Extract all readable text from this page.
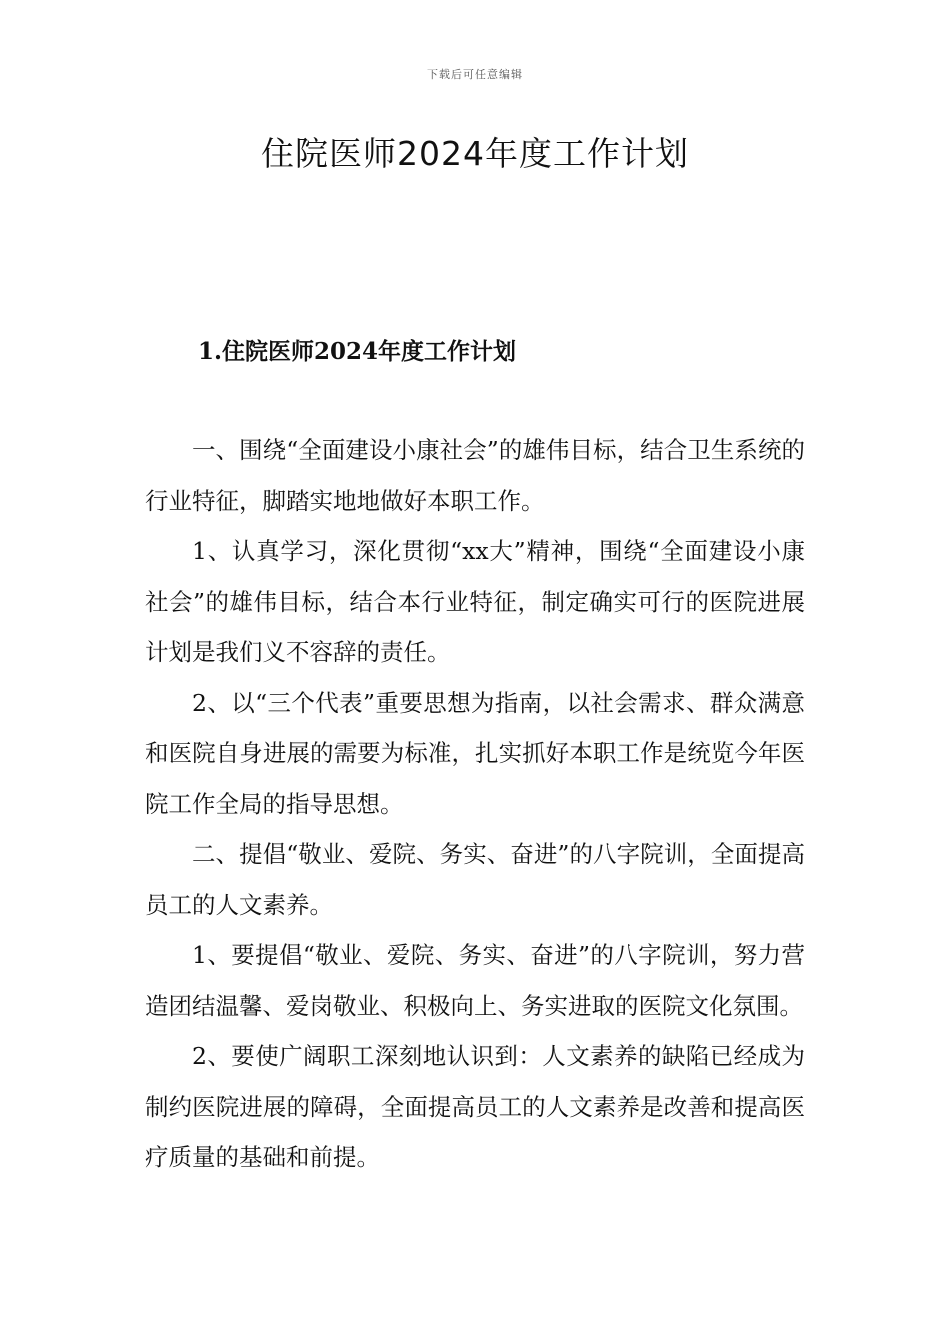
下载后可任意编辑
住院医师2024年度工作计划
1.住院医师2024年度工作计划

一、围绕“全面建设小康社会”的雄伟目标，结合卫生系统的行业特征，脚踏实地地做好本职工作。

1、认真学习，深化贯彻“xx大”精神，围绕“全面建设小康社会”的雄伟目标，结合本行业特征，制定确实可行的医院进展计划是我们义不容辞的责任。

2、以“三个代表”重要思想为指南，以社会需求、群众满意和医院自身进展的需要为标准，扎实抓好本职工作是统览今年医院工作全局的指导思想。

二、提倡“敬业、爱院、务实、奋进”的八字院训，全面提高员工的人文素养。

1、要提倡“敬业、爱院、务实、奋进”的八字院训，努力营造团结温馨、爱岗敬业、积极向上、务实进取的医院文化氛围。

2、要使广阔职工深刻地认识到：人文素养的缺陷已经成为制约医院进展的障碍，全面提高员工的人文素养是改善和提高医疗质量的基础和前提。
